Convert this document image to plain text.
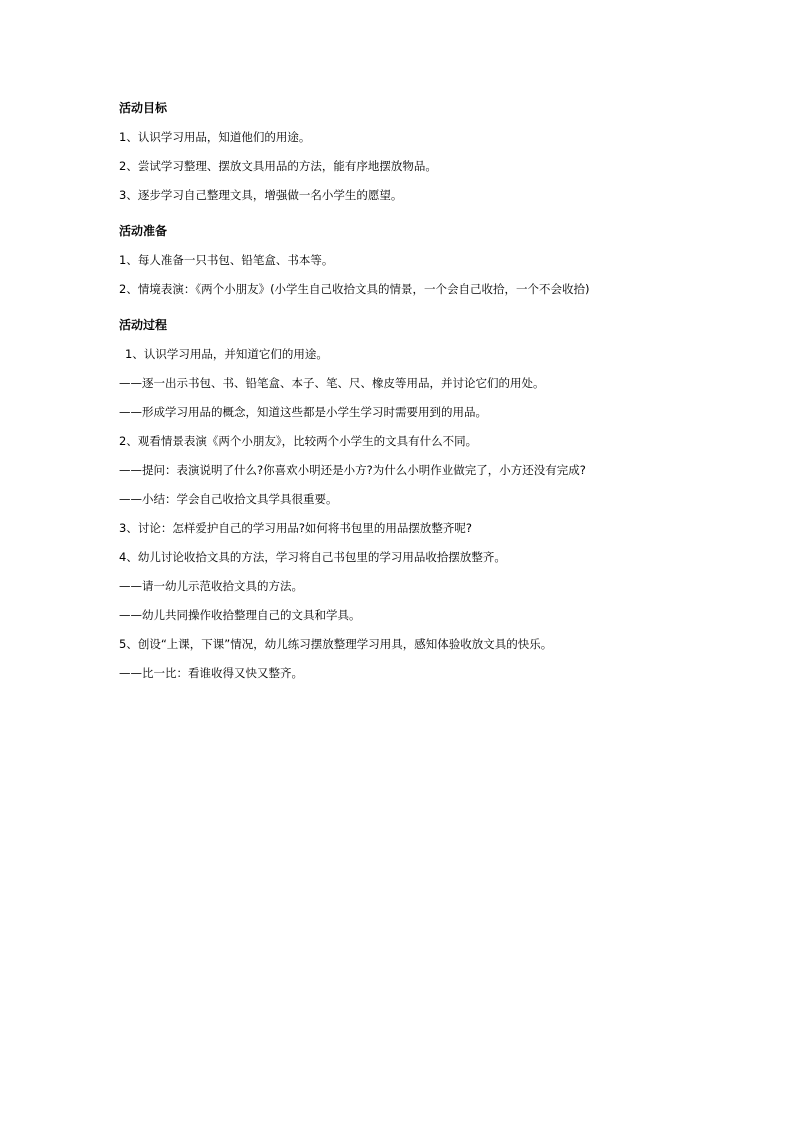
活动目标
1、认识学习用品，知道他们的用途。
2、尝试学习整理、摆放文具用品的方法，能有序地摆放物品。
3、逐步学习自己整理文具，增强做一名小学生的愿望。
活动准备
1、每人准备一只书包、铅笔盒、书本等。
2、情境表演：《两个小朋友》(小学生自己收拾文具的情景，一个会自己收拾，一个不会收拾)
活动过程
1、认识学习用品，并知道它们的用途。
——逐一出示书包、书、铅笔盒、本子、笔、尺、橡皮等用品，并讨论它们的用处。
——形成学习用品的概念，知道这些都是小学生学习时需要用到的用品。
2、观看情景表演《两个小朋友》，比较两个小学生的文具有什么不同。
——提问：表演说明了什么?你喜欢小明还是小方?为什么小明作业做完了，小方还没有完成?
——小结：学会自己收拾文具学具很重要。
3、讨论：怎样爱护自己的学习用品?如何将书包里的用品摆放整齐呢?
4、幼儿讨论收拾文具的方法，学习将自己书包里的学习用品收拾摆放整齐。
——请一幼儿示范收拾文具的方法。
——幼儿共同操作收拾整理自己的文具和学具。
5、创设“上课，下课”情况，幼儿练习摆放整理学习用具，感知体验收放文具的快乐。
——比一比：看谁收得又快又整齐。
